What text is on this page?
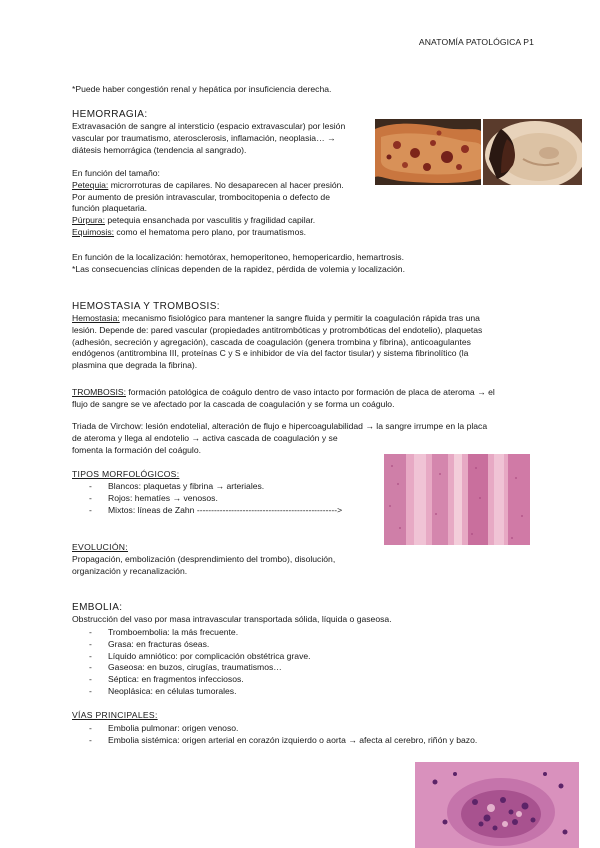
ANATOMÍA PATOLÓGICA P1
*Puede haber congestión renal y hepática por insuficiencia derecha.
HEMORRAGIA:

Extravasación de sangre al intersticio (espacio extravascular) por lesión

vascular por traumatismo, aterosclerosis, inflamación, neoplasia… →

diátesis hemorrágica (tendencia al sangrado).

En función del tamaño:

Petequia: microrroturas de capilares. No desaparecen al hacer presión.

Por aumento de presión intravascular, trombocitopenia o defecto de

función plaquetaria.

Púrpura: petequia ensanchada por vasculitis y fragilidad capilar.

Equimosis: como el hematoma pero plano, por traumatismos.

En función de la localización: hemotórax, hemoperitoneo, hemopericardio, hemartrosis.

*Las consecuencias clínicas dependen de la rapidez, pérdida de volemia y localización.

HEMOSTASIA Y TROMBOSIS:

Hemostasia: mecanismo fisiológico para mantener la sangre fluida y permitir la coagulación rápida tras una

lesión. Depende de: pared vascular (propiedades antitrombóticas y protrombóticas del endotelio), plaquetas

(adhesión, secreción y agregación), cascada de coagulación (genera trombina y fibrina), anticoagulantes

endógenos (antitrombina III, proteínas C y S e inhibidor de vía del factor tisular) y sistema fibrinolítico (la

plasmina que degrada la fibrina).

TROMBOSIS: formación patológica de coágulo dentro de vaso intacto por formación de placa de ateroma → el

flujo de sangre se ve afectado por la cascada de coagulación y se forma un coágulo.

Triada de Virchow: lesión endotelial, alteración de flujo e hipercoagulabilidad → la sangre irrumpe en la placa

de ateroma y llega al endotelio → activa cascada de coagulación y se

fomenta la formación del coágulo.

TIPOS MORFOLÓGICOS:
- Blancos: plaquetas y fibrina → arteriales.
- Rojos: hematíes → venosos.
- Mixtos: líneas de Zahn ------------------------------------------------->
EVOLUCIÓN:

Propagación, embolización (desprendimiento del trombo), disolución,

organización y recanalización.

EMBOLIA:
Obstrucción del vaso por masa intravascular transportada sólida, líquida o gaseosa.
- Tromboembolia: la más frecuente.
- Grasa: en fracturas óseas.
- Líquido amniótico: por complicación obstétrica grave.
- Gaseosa: en buzos, cirugías, traumatismos…
- Séptica: en fragmentos infecciosos.
- Neoplásica: en células tumorales.
VÍAS PRINCIPALES:
- Embolia pulmonar: origen venoso.
- Embolia sistémica: origen arterial en corazón izquierdo o aorta → afecta al cerebro, riñón y bazo.
